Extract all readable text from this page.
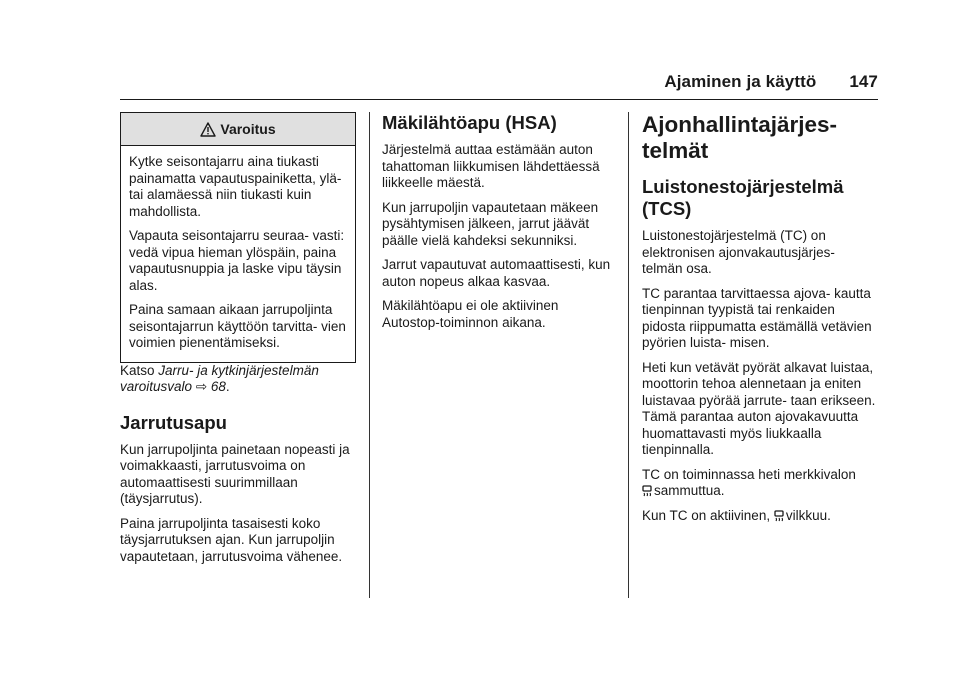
Ajaminen ja käyttö 147
Varoitus

Kytke seisontajarru aina tiukasti painamatta vapautuspainiketta, ylä- tai alamäessä niin tiukasti kuin mahdollista.

Vapauta seisontajarru seuraa- vasti: vedä vipua hieman ylöspäin, paina vapautusnuppia ja laske vipu täysin alas.

Paina samaan aikaan jarrupoljinta seisontajarrun käyttöön tarvitta- vien voimien pienentämiseksi.

Katso Jarru- ja kytkinjärjestelmän varoitusvalo ⇨ 68.

Jarrutusapu

Kun jarrupoljinta painetaan nopeasti ja voimakkaasti, jarrutusvoima on automaattisesti suurimmillaan (täysjarrutus).

Paina jarrupoljinta tasaisesti koko täysjarrutuksen ajan. Kun jarrupoljin vapautetaan, jarrutusvoima vähenee.

Mäkilähtöapu (HSA)

Järjestelmä auttaa estämään auton tahattoman liikkumisen lähdettäessä liikkeelle mäestä.

Kun jarrupoljin vapautetaan mäkeen pysähtymisen jälkeen, jarrut jäävät päälle vielä kahdeksi sekunniksi.

Jarrut vapautuvat automaattisesti, kun auton nopeus alkaa kasvaa.

Mäkilähtöapu ei ole aktiivinen Autostop-toiminnon aikana.

Ajonhallintajärjes- telmät
Luistonestojärjestelmä (TCS)

Luistonestojärjestelmä (TC) on elektronisen ajonvakautusjärjes- telmän osa.

TC parantaa tarvittaessa ajova- kautta tienpinnan tyypistä tai renkaiden pidosta riippumatta estämällä vetävien pyörien luista- misen.

Heti kun vetävät pyörät alkavat luistaa, moottorin tehoa alennetaan ja eniten luistavaa pyörää jarrute- taan erikseen. Tämä parantaa auton ajovakavuutta huomattavasti myös liukkaalla tienpinnalla.

TC on toiminnassa heti merkkivalon
sammuttua.

Kun TC on aktiivinen, vilkkuu.
